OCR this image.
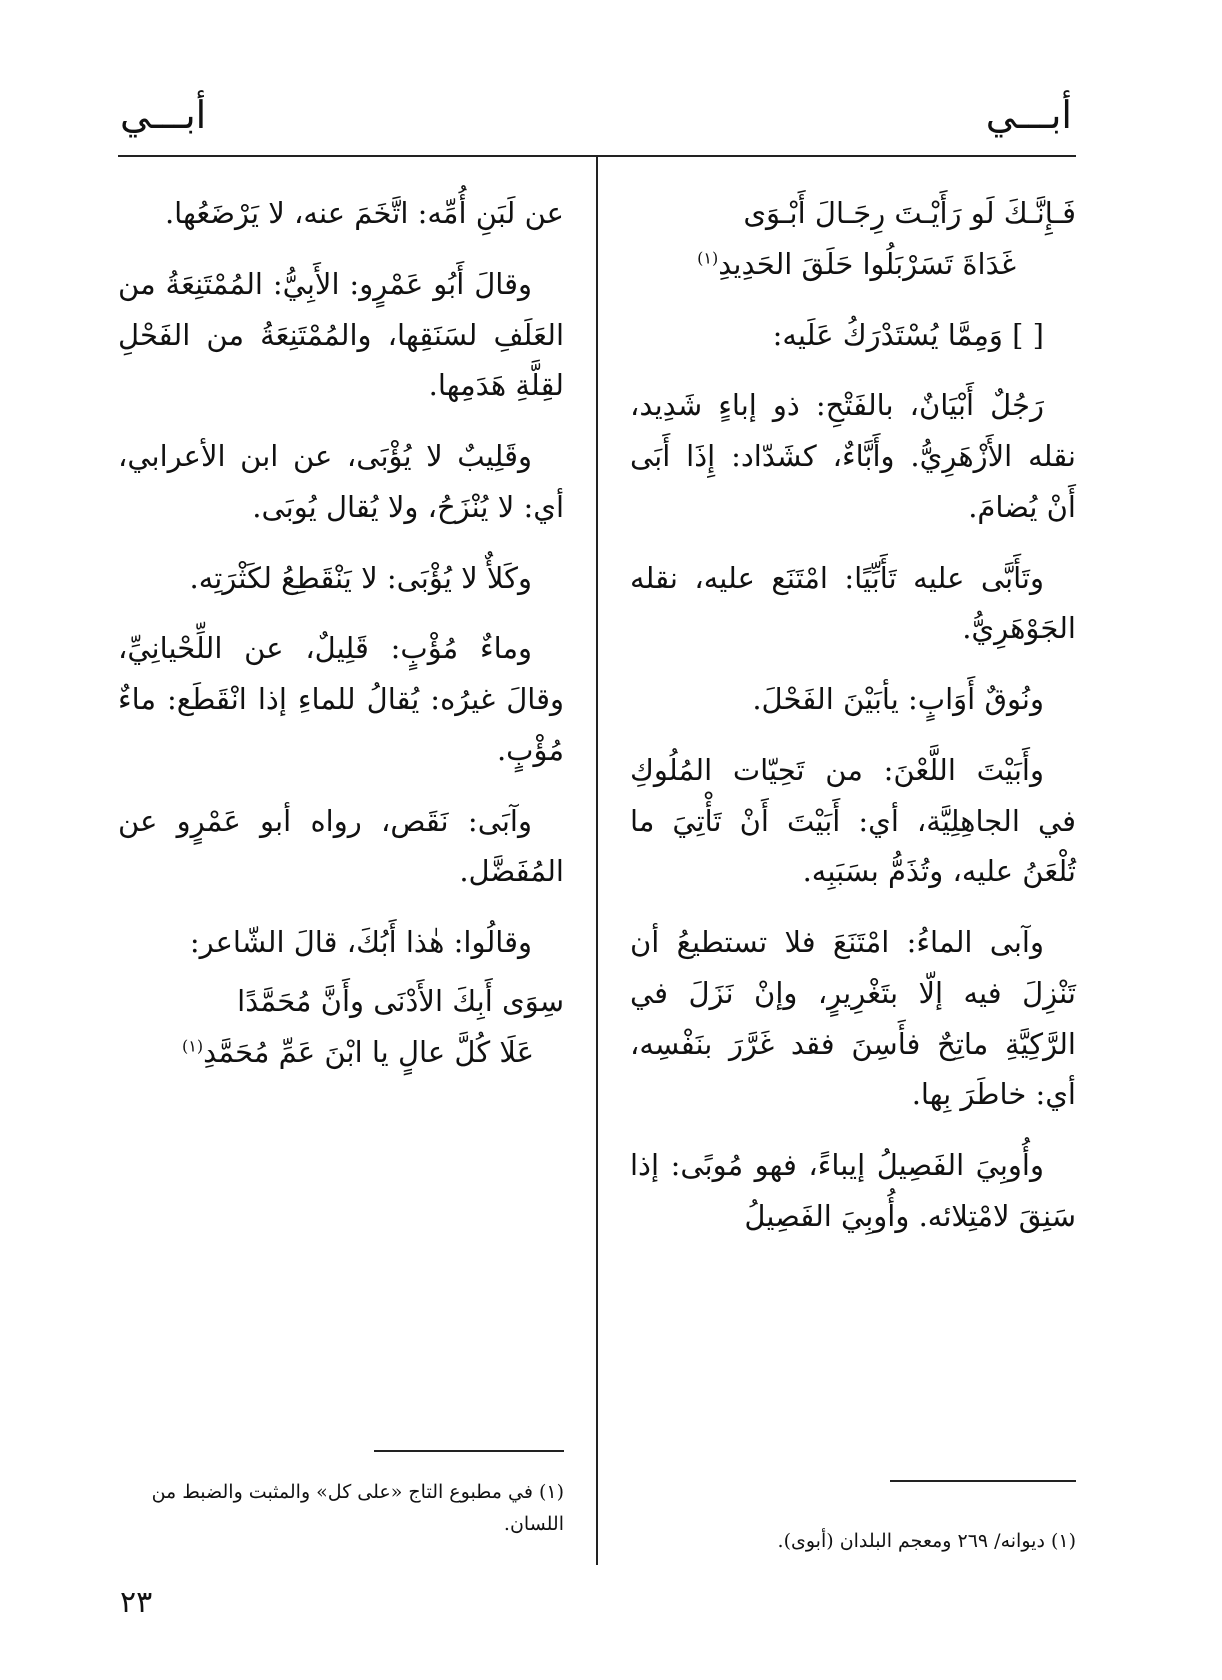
أبـــي
أبـــي

فَـإِنَّـكَ لَو رَأَيْـتَ رِجَـالَ أَبْـوَى

غَدَاةَ تَسَرْبَلُوا حَلَقَ الحَدِيدِ$^{(١)}$

[ ] وَمِمَّا يُسْتَدْرَكُ عَلَيه:

رَجُلٌ أَبْيَانٌ، بالفَتْحِ: ذو إباءٍ شَدِيد، نقله الأَزْهَرِيُّ. وأَبَّاءٌ، كشَدّاد: إِذَا أَبَى أَنْ يُضامَ.

وتَأَبَّى عليه تَأَبِّيًا: امْتَنَع عليه، نقله الجَوْهَرِيُّ.

ونُوقٌ أَوَابٍ: يأبَيْنَ الفَحْلَ.

وأَبَيْتَ اللَّعْنَ: من تَحِيّات المُلُوكِ في الجاهِلِيَّة، أي: أَبَيْتَ أَنْ تَأْتِيَ ما تُلْعَنُ عليه، وتُذَمُّ بسَبَبِه.

وآبى الماءُ: امْتَنَعَ فلا تستطيعُ أن تَنْزِلَ فيه إلّا بتَغْرِيرٍ، وإنْ نَزَلَ في الرَّكِيَّةِ ماتِحٌ فأَسِنَ فقد غَرَّرَ بنَفْسِه، أي: خاطَرَ بِها.

وأُوبِيَ الفَصِيلُ إيباءً، فهو مُوبًى: إذا سَنِقَ لامْتِلائه. وأُوبِيَ الفَصِيلُ

عن لَبَنِ أُمِّه: اتَّخَمَ عنه، لا يَرْضَعُها.

وقالَ أَبُو عَمْرٍو: الأَبِيُّ: المُمْتَنِعَةُ من العَلَفِ لسَنَقِها، والمُمْتَنِعَةُ من الفَحْلِ لقِلَّةِ هَدَمِها.

وقَلِيبٌ لا يُؤْبَى، عن ابن الأعرابي، أي: لا يُنْزَحُ، ولا يُقال يُوبَى.

وكَلأٌ لا يُؤْبَى: لا يَنْقَطِعُ لكَثْرَتِه.

وماءٌ مُؤْبٍ: قَلِيلٌ، عن اللِّحْيانِيِّ، وقالَ غيرُه: يُقالُ للماءِ إذا انْقَطَع: ماءٌ مُؤْبٍ.

وآبَى: نَقَص، رواه أبو عَمْرٍو عن المُفَضَّل.

وقالُوا: هٰذا أَبُكَ، قالَ الشّاعر:

سِوَى أَبِكَ الأَدْنَى وأَنَّ مُحَمَّدًا

عَلَا كُلَّ عالٍ يا ابْنَ عَمِّ مُحَمَّدِ$^{(١)}$

(١) ديوانه/ ٢٦٩ ومعجم البلدان (أبوى).
(١) في مطبوع التاج «على كل» والمثبت والضبط من اللسان.
٢٣
